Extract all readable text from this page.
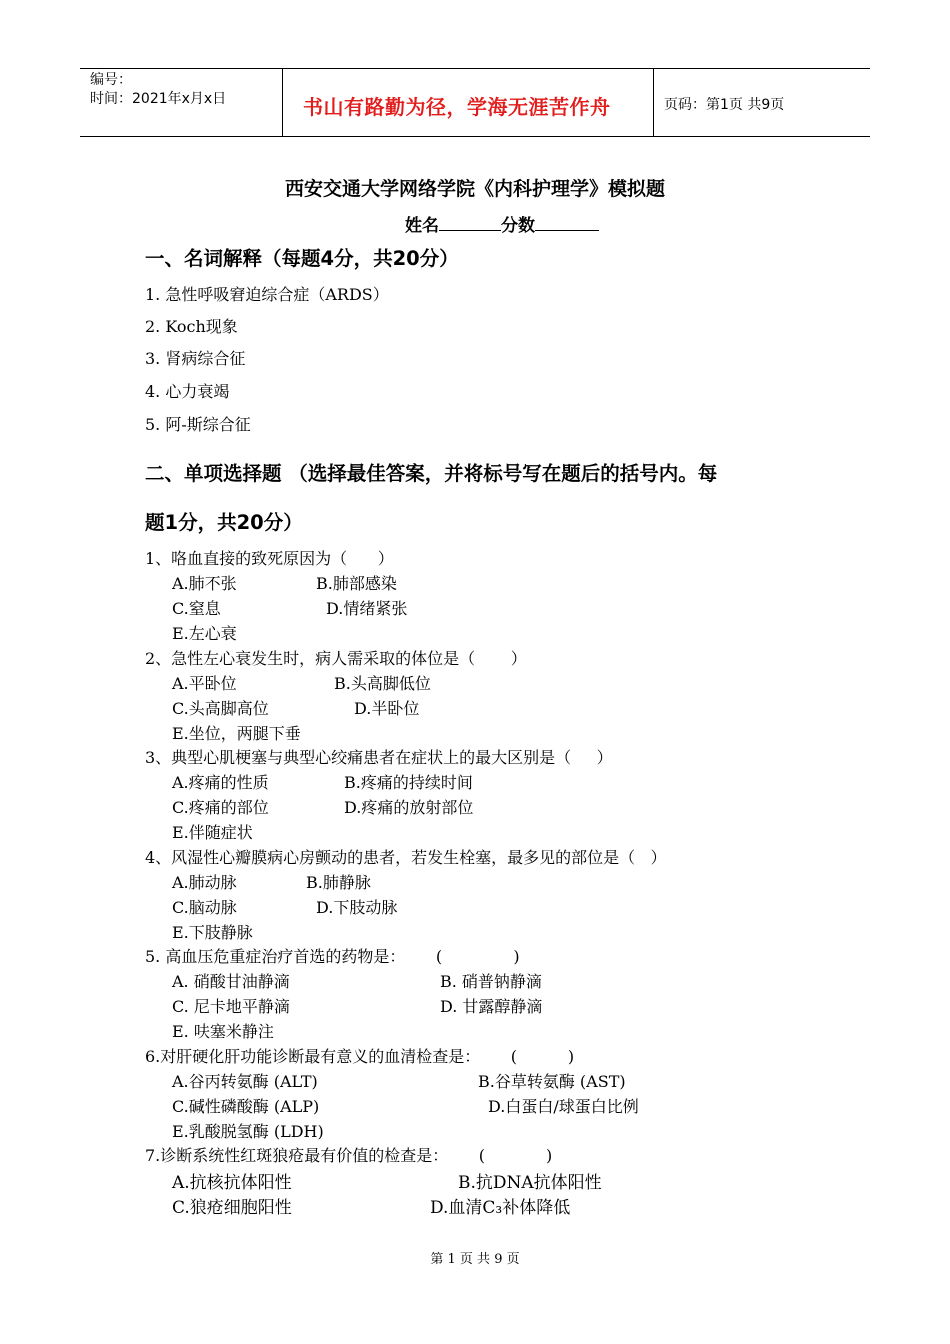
编号：
时间：2021年x月x日	书山有路勤为径，学海无涯苦作舟	页码：第1页 共9页
西安交通大学网络学院《内科护理学》模拟题
姓名	分数
一、名词解释（每题4分，共20分）
1. 急性呼吸窘迫综合症（ARDS）
2. Koch现象
3. 肾病综合征
4. 心力衰竭
5. 阿-斯综合征
二、单项选择题 （选择最佳答案，并将标号写在题后的括号内。每
题1分，共20分）
1、咯血直接的致死原因为（      ）
A.肺不张	B.肺部感染
C.窒息	D.情绪紧张
E.左心衰
2、急性左心衰发生时，病人需采取的体位是（       ）
A.平卧位	B.头高脚低位
C.头高脚高位	D.半卧位
E.坐位，两腿下垂
3、典型心肌梗塞与典型心绞痛患者在症状上的最大区别是（     ）
A.疼痛的性质	B.疼痛的持续时间
C.疼痛的部位	D.疼痛的放射部位
E.伴随症状
4、风湿性心瓣膜病心房颤动的患者，若发生栓塞，最多见的部位是（   ）
A.肺动脉	B.肺静脉
C.脑动脉	D.下肢动脉
E.下肢静脉
5. 高血压危重症治疗首选的药物是：      (              )
A. 硝酸甘油静滴	B. 硝普钠静滴
C. 尼卡地平静滴	D. 甘露醇静滴
E. 呋塞米静注
6.对肝硬化肝功能诊断最有意义的血清检查是：      (          )
A.谷丙转氨酶 (ALT)	B.谷草转氨酶 (AST)
C.碱性磷酸酶 (ALP)	D.白蛋白/球蛋白比例
E.乳酸脱氢酶 (LDH)
7.诊断系统性红斑狼疮最有价值的检查是：      (            )
A.抗核抗体阳性	B.抗DNA抗体阳性
C.狼疮细胞阳性	D.血清C₃补体降低
第 1 页 共 9 页
